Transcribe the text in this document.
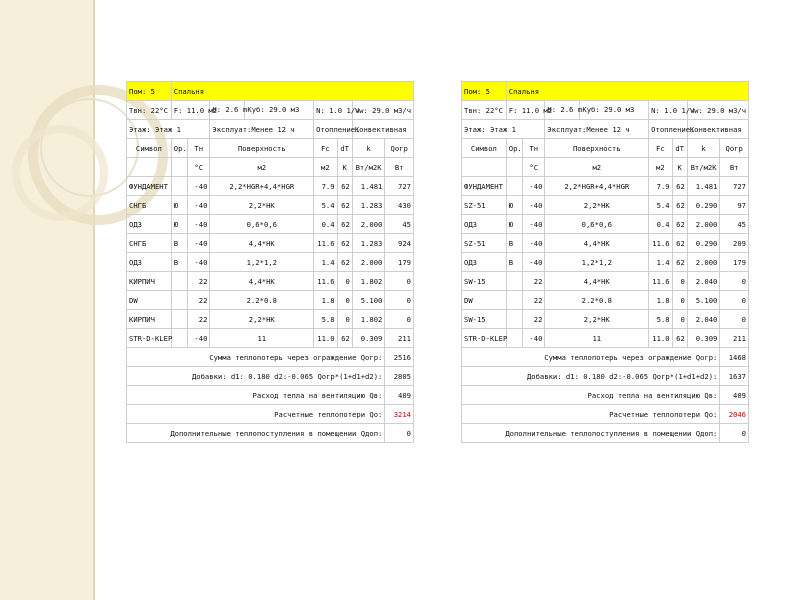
Пом: 5	Спальня						
Твн: 22°C	F: 11.0 м2		H: 2.6 m Куб: 29.0 м3	N: 1.0 1/ч		Vw: 29.0 м3/ч	
Этаж: Этаж 1			Эксплуат:Менее 12 ч	Отопление:		Конвективная	
Символ	Ор.	Тн	Поверхность	Fc	dT	k	Qогр
		°C	м2	м2	К	Вт/м2К	Вт
ФУНДАМЕНТ		-40	2,2*HGR+4,4*HGR	7.9	62	1.481	727
СНГБ	Ю	-40	2,2*НК	5.4	62	1.283	430
ОДЗ	Ю	-40	0,6*0,6	0.4	62	2.000	45
СНГБ	В	-40	4,4*НК	11.6	62	1.283	924
ОДЗ	В	-40	1,2*1,2	1.4	62	2.000	179
КИРПИЧ		22	4,4*НК	11.6	0	1.802	0
DW		22	2.2*0.8	1.8	0	5.100	0
КИРПИЧ		22	2,2*НК	5.8	0	1.802	0
STR-D-KLEP		-40	11	11.0	62	0.309	211
Сумма теплопотерь через ограждение Qогр:							2516
Добавки: d1: 0.180 d2:-0.065 Qогр*(1+d1+d2):							2805
Расход тепла на вентиляцию Qв:							409
Расчетные теплопотери Qо:							3214
Дополнительные теплопоступления в помещении Qдоп:							0
Пом: 5	Спальня						
Твн: 22°C	F: 11.0 м2		H: 2.6 m Куб: 29.0 м3	N: 1.0 1/ч		Vw: 29.0 м3/ч	
Этаж: Этаж 1			Эксплуат:Менее 12 ч	Отопление:		Конвективная	
Символ	Ор.	Тн	Поверхность	Fc	dT	k	Qогр
		°C	м2	м2	К	Вт/м2К	Вт
ФУНДАМЕНТ		-40	2,2*HGR+4,4*HGR	7.9	62	1.481	727
SZ-51	Ю	-40	2,2*НК	5.4	62	0.290	97
ОДЗ	Ю	-40	0,6*0,6	0.4	62	2.000	45
SZ-51	В	-40	4,4*НК	11.6	62	0.290	209
ОДЗ	В	-40	1,2*1,2	1.4	62	2.000	179
SW-15		22	4,4*НК	11.6	0	2.040	0
DW		22	2.2*0.8	1.8	0	5.100	0
SW-15		22	2,2*НК	5.8	0	2.040	0
STR-D-KLEP		-40	11	11.0	62	0.309	211
Сумма теплопотерь через ограждение Qогр:							1468
Добавки: d1: 0.180 d2:-0.065 Qогр*(1+d1+d2):							1637
Расход тепла на вентиляцию Qв:							409
Расчетные теплопотери Qо:							2046
Дополнительные теплопоступления в помещении Qдоп:							0
